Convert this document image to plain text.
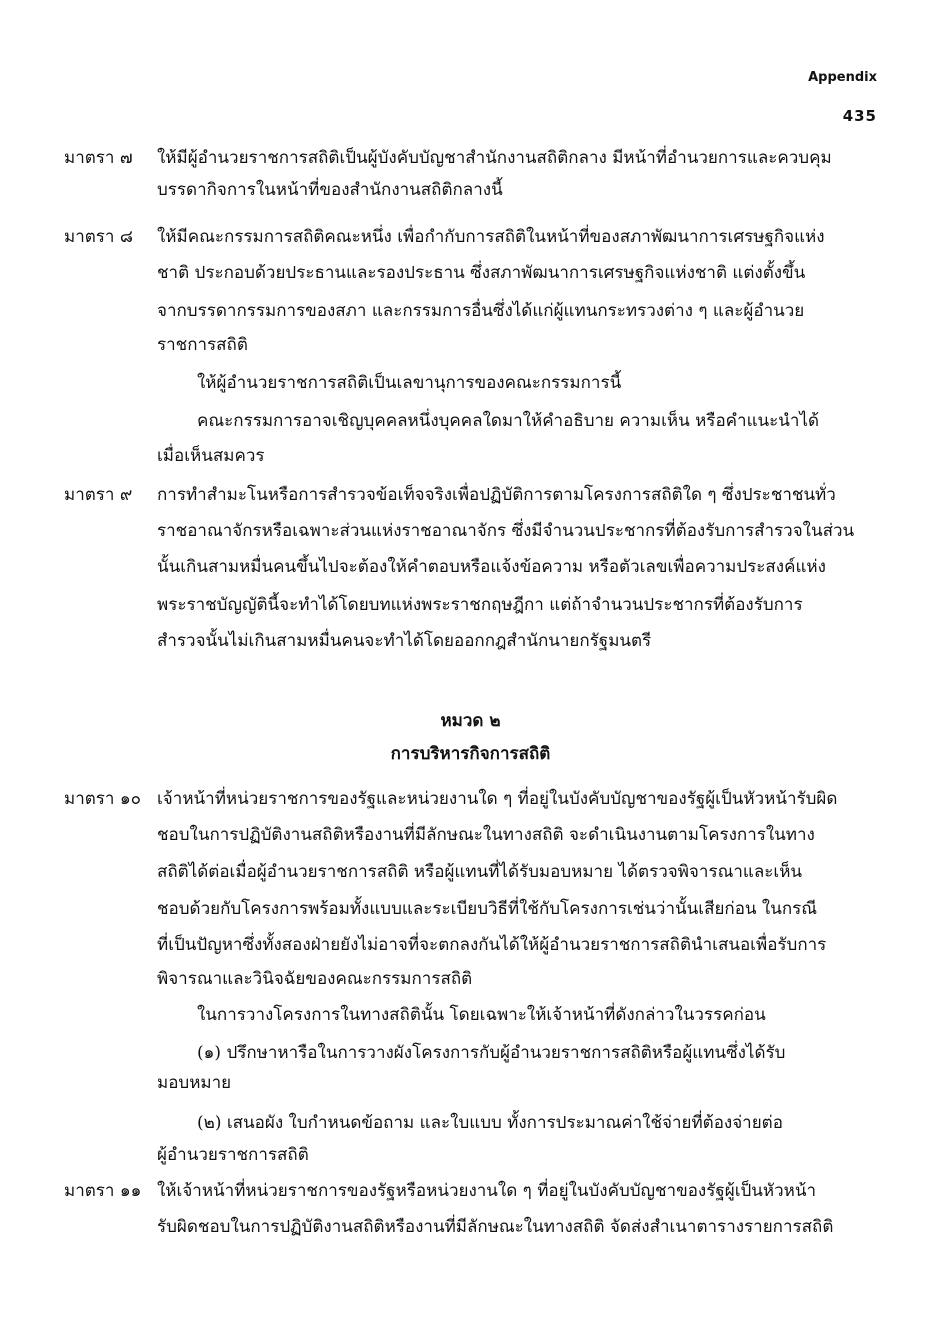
Appendix
435
มาตรา ๗	ให้มีผู้อำนวยราชการสถิติเป็นผู้บังคับบัญชาสำนักงานสถิติกลาง มีหน้าที่อำนวยการและควบคุม
บรรดากิจการในหน้าที่ของสำนักงานสถิติกลางนี้
มาตรา ๘	ให้มีคณะกรรมการสถิติคณะหนึ่ง เพื่อกำกับการสถิติในหน้าที่ของสภาพัฒนาการเศรษฐกิจแห่ง
ชาติ ประกอบด้วยประธานและรองประธาน ซึ่งสภาพัฒนาการเศรษฐกิจแห่งชาติ แต่งตั้งขึ้น
จากบรรดากรรมการของสภา และกรรมการอื่นซึ่งได้แก่ผู้แทนกระทรวงต่าง ๆ และผู้อำนวย
ราชการสถิติ
ให้ผู้อำนวยราชการสถิติเป็นเลขานุการของคณะกรรมการนี้
คณะกรรมการอาจเชิญบุคคลหนึ่งบุคคลใดมาให้คำอธิบาย ความเห็น หรือคำแนะนำได้
เมื่อเห็นสมควร
มาตรา ๙	การทำสำมะโนหรือการสำรวจข้อเท็จจริงเพื่อปฏิบัติการตามโครงการสถิติใด ๆ ซึ่งประชาชนทั่ว
ราชอาณาจักรหรือเฉพาะส่วนแห่งราชอาณาจักร ซึ่งมีจำนวนประชากรที่ต้องรับการสำรวจในส่วน
นั้นเกินสามหมื่นคนขึ้นไปจะต้องให้คำตอบหรือแจ้งข้อความ หรือตัวเลขเพื่อความประสงค์แห่ง
พระราชบัญญัตินี้จะทำได้โดยบทแห่งพระราชกฤษฎีกา แต่ถ้าจำนวนประชากรที่ต้องรับการ
สำรวจนั้นไม่เกินสามหมื่นคนจะทำได้โดยออกกฎสำนักนายกรัฐมนตรี
หมวด ๒
การบริหารกิจการสถิติ
มาตรา ๑๐ เจ้าหน้าที่หน่วยราชการของรัฐและหน่วยงานใด ๆ ที่อยู่ในบังคับบัญชาของรัฐผู้เป็นหัวหน้ารับผิด
ชอบในการปฏิบัติงานสถิติหรืองานที่มีลักษณะในทางสถิติ จะดำเนินงานตามโครงการในทาง
สถิติได้ต่อเมื่อผู้อำนวยราชการสถิติ หรือผู้แทนที่ได้รับมอบหมาย ได้ตรวจพิจารณาและเห็น
ชอบด้วยกับโครงการพร้อมทั้งแบบและระเบียบวิธีที่ใช้กับโครงการเช่นว่านั้นเสียก่อน ในกรณี
ที่เป็นปัญหาซึ่งทั้งสองฝ่ายยังไม่อาจที่จะตกลงกันได้ให้ผู้อำนวยราชการสถิตินำเสนอเพื่อรับการ
พิจารณาและวินิจฉัยของคณะกรรมการสถิติ
ในการวางโครงการในทางสถิตินั้น โดยเฉพาะให้เจ้าหน้าที่ดังกล่าวในวรรคก่อน
(๑) ปรึกษาหารือในการวางผังโครงการกับผู้อำนวยราชการสถิติหรือผู้แทนซึ่งได้รับ
มอบหมาย
(๒) เสนอผัง ใบกำหนดข้อถาม และใบแบบ ทั้งการประมาณค่าใช้จ่ายที่ต้องจ่ายต่อ
ผู้อำนวยราชการสถิติ
มาตรา ๑๑ ให้เจ้าหน้าที่หน่วยราชการของรัฐหรือหน่วยงานใด ๆ ที่อยู่ในบังคับบัญชาของรัฐผู้เป็นหัวหน้า
รับผิดชอบในการปฏิบัติงานสถิติหรืองานที่มีลักษณะในทางสถิติ จัดส่งสำเนาตารางรายการสถิติ
